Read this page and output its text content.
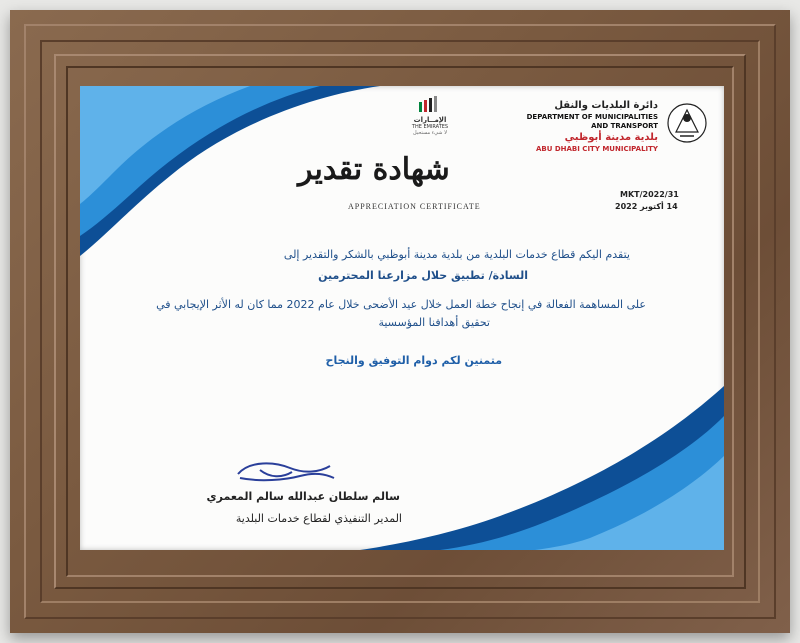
دائرة البلديات والنقل
DEPARTMENT OF MUNICIPALITIES
AND TRANSPORT
بلدية مدينة أبوظبي
ABU DHABI CITY MUNICIPALITY
الإمــارات
THE EMIRATES
لا شيء مستحيل
شهادة تقدير
APPRECIATION CERTIFICATE
MKT/2022/31
14 أكتوبر 2022
يتقدم اليكم قطاع خدمات البلدية من بلدية مدينة أبوظبي بالشكر والتقدير إلى
السادة/ تطبيق حلال مزارعنا المحترمين
على المساهمة الفعالة في إنجاح خطة العمل خلال عيد الأضحى خلال عام 2022 مما كان له الأثر الإيجابي في
تحقيق أهدافنا المؤسسية
متمنين لكم دوام التوفيق والنجاح
سالم سلطان عبدالله سالم المعمري
المدير التنفيذي لقطاع خدمات البلدية
